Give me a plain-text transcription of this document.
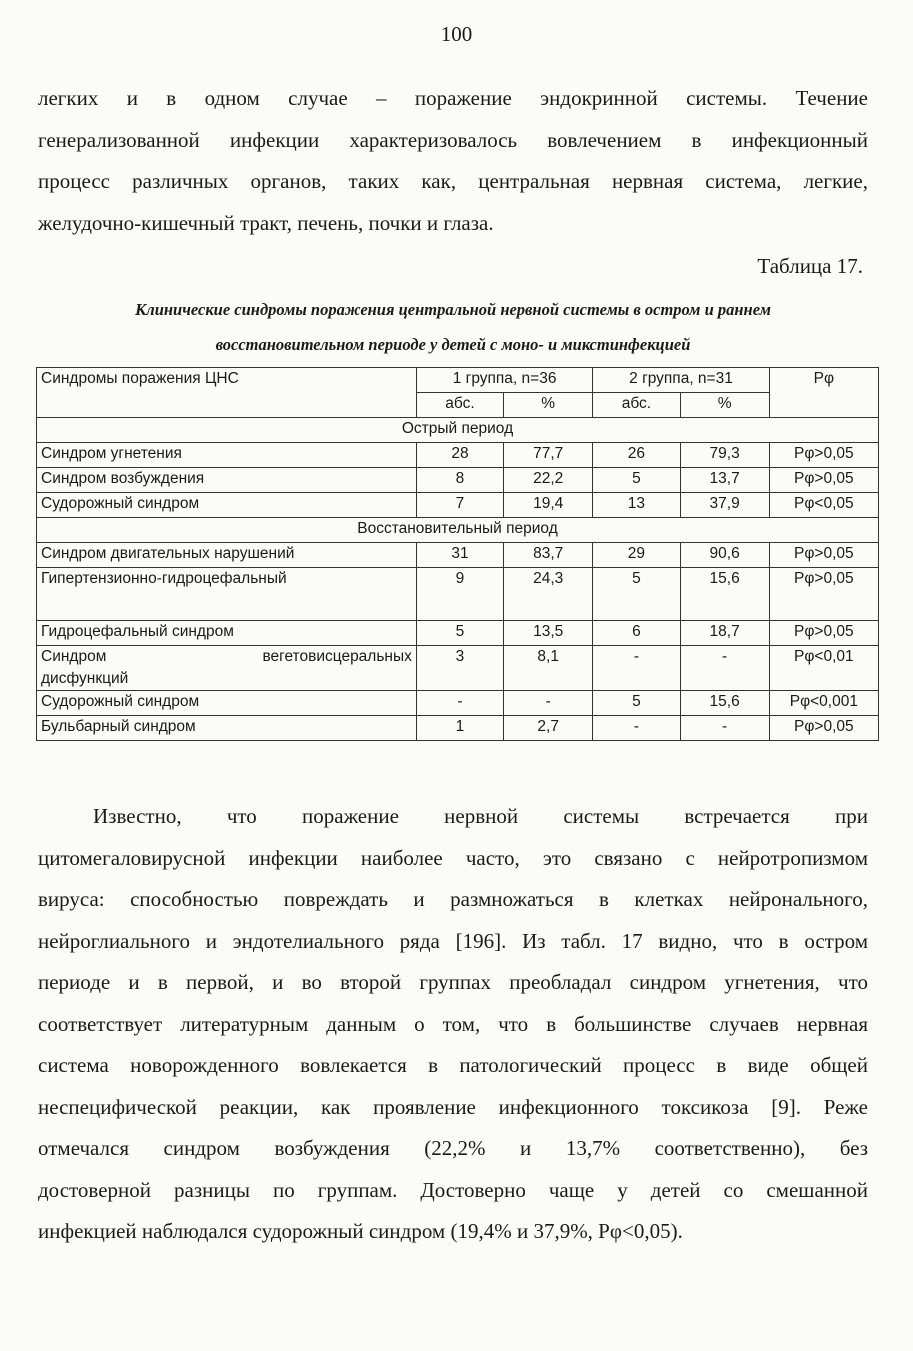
100
легких и в одном случае – поражение эндокринной системы. Течение
генерализованной инфекции характеризовалось вовлечением в инфекционный
процесс различных органов, таких как, центральная нервная система, легкие,
желудочно-кишечный тракт, печень, почки и глаза.
Таблица 17.
Клинические синдромы поражения центральной нервной системы в остром и раннем
восстановительном периоде у детей с моно- и микстинфекцией
Синдромы поражения ЦНС	1 группа, n=36		2 группа, n=31		Pφ
	абс.	%	абс.	%	
Острый период					
Синдром угнетения	28	77,7	26	79,3	Pφ>0,05
Синдром возбуждения	8	22,2	5	13,7	Pφ>0,05
Судорожный синдром	7	19,4	13	37,9	Pφ<0,05
Восстановительный период					
Синдром двигательных нарушений	31	83,7	29	90,6	Pφ>0,05
Гипертензионно-гидроцефальный	9	24,3	5	15,6	Pφ>0,05
Гидроцефальный синдром	5	13,5	6	18,7	Pφ>0,05

Синдром вегетовисцеральных
дисфункций	3	8,1	-	-	Pφ<0,01
Судорожный синдром	-	-	5	15,6	Pφ<0,001
Бульбарный синдром	1	2,7	-	-	Pφ>0,05
Известно, что поражение нервной системы встречается при
цитомегаловирусной инфекции наиболее часто, это связано с нейротропизмом
вируса: способностью повреждать и размножаться в клетках нейронального,
нейроглиального и эндотелиального ряда [196]. Из табл. 17 видно, что в остром
периоде и в первой, и во второй группах преобладал синдром угнетения, что
соответствует литературным данным о том, что в большинстве случаев нервная
система новорожденного вовлекается в патологический процесс в виде общей
неспецифической реакции, как проявление инфекционного токсикоза [9]. Реже
отмечался синдром возбуждения (22,2% и 13,7% соответственно), без
достоверной разницы по группам. Достоверно чаще у детей со смешанной
инфекцией наблюдался судорожный синдром (19,4% и 37,9%, Pφ<0,05).
